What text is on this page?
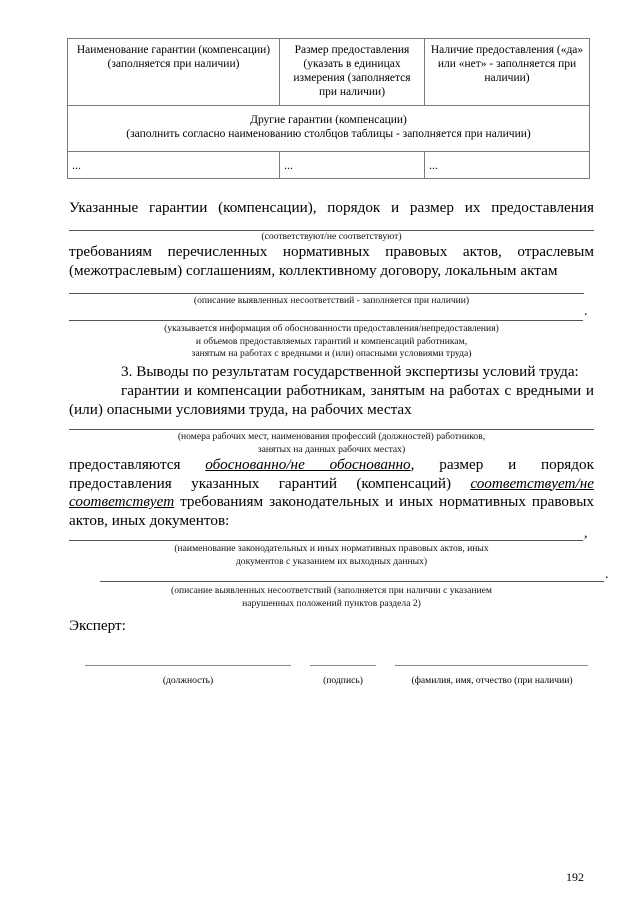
Наименование гарантии (компенсации) (заполняется при наличии)	Размер предоставления (указать в единицах измерения (заполняется при наличии)	Наличие предоставления («да» или «нет» - заполняется при наличии)

Другие гарантии (компенсации)
(заполнить согласно наименованию столбцов таблицы - заполняется при наличии)		

...	...	...
Указанные гарантии (компенсации), порядок и размер их предоставления
(соответствуют/не соответствуют)
требованиям перечисленных нормативных правовых актов, отраслевым (межотраслевым) соглашениям, коллективному договору, локальным актам
(описание выявленных несоответствий - заполняется при наличии)
.
(указывается информация об обоснованности предоставления/непредоставления)
и объемов предоставляемых гарантий и компенсаций работникам,
занятым на работах с вредными и (или) опасными условиями труда)
3. Выводы по результатам государственной экспертизы условий труда:
гарантии и компенсации работникам, занятым на работах с вредными и (или) опасными условиями труда, на рабочих местах
(номера рабочих мест, наименования профессий (должностей) работников,
занятых на данных рабочих местах)
предоставляются обоснованно/не обоснованно, размер и порядок предоставления указанных гарантий (компенсаций) соответствует/не соответствует требованиям законодательных и иных нормативных правовых актов, иных документов:
,
(наименование законодательных и иных нормативных правовых актов, иных
документов с указанием их выходных данных)
.
(описание выявленных несоответствий (заполняется при наличии с указанием
нарушенных положений пунктов раздела 2)
Эксперт:
(должность)	(подпись)	(фамилия, имя, отчество (при наличии)
192
